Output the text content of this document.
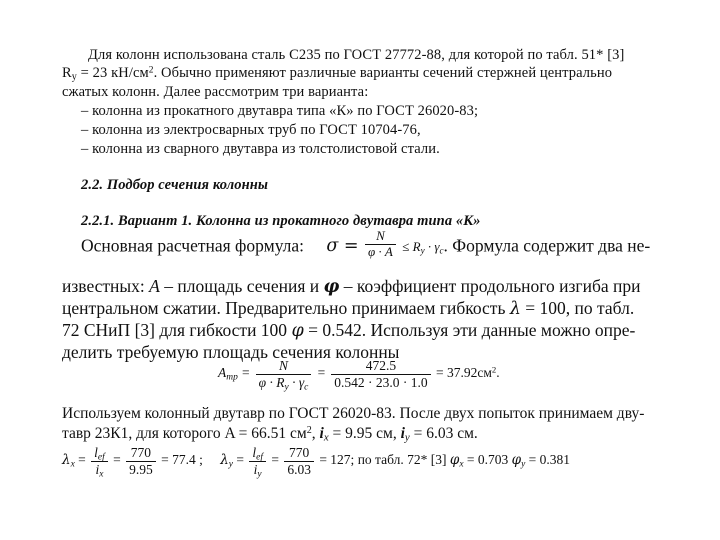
Для колонн использована сталь С235 по ГОСТ 27772-88, для которой по табл. 51* [3]
$R_у = 23$ $кН/см^2$. Обычно применяют различные варианты сечений стержней центрально
сжатых колонн. Далее рассмотрим три варианта:
– колонна из прокатного двутавра типа «К» по ГОСТ 26020-83;
– колонна из электросварных труб по ГОСТ 10704-76,
– колонна из сварного двутавра из толстолистовой стали.
2.2. Подбор сечения колонны
2.2.1. Вариант 1. Колонна из прокатного двутавра типа «К»
Основная расчетная формула: $\sigma = \frac{N}{\varphi \cdot A} \le R_у \cdot \gamma_c$. Формула содержит два не-
известных: A – площадь сечения и φ – коэффициент продольного изгиба при
центральном сжатии. Предварительно принимаем гибкость λ = 100, по табл.
72 СНиП [3] для гибкости 100 φ = 0.542. Используя эти данные можно опре-
делить требуемую площадь сечения колонны
$A_{тр} = \frac{N}{\varphi \cdot R_у \cdot \gamma_c} = \frac{472.5}{0.542 \cdot 23.0 \cdot 1.0} = 37.92см^2$.
Используем колонный двутавр по ГОСТ 26020-83. После двух попыток принимаем дву-
тавр 23К1, для которого A = 66.51 $см^2$, $i_x = 9.95$ см, $i_y = 6.03$ см.
$\lambda_x = \frac{l_{ef}}{i_x} = \frac{770}{9.95} = 77.4$ ; $\lambda_y = \frac{l_{ef}}{i_y} = \frac{770}{6.03} = 127$; по табл. 72* [3] $\varphi_x = 0.703$ $\varphi_y = 0.381$
